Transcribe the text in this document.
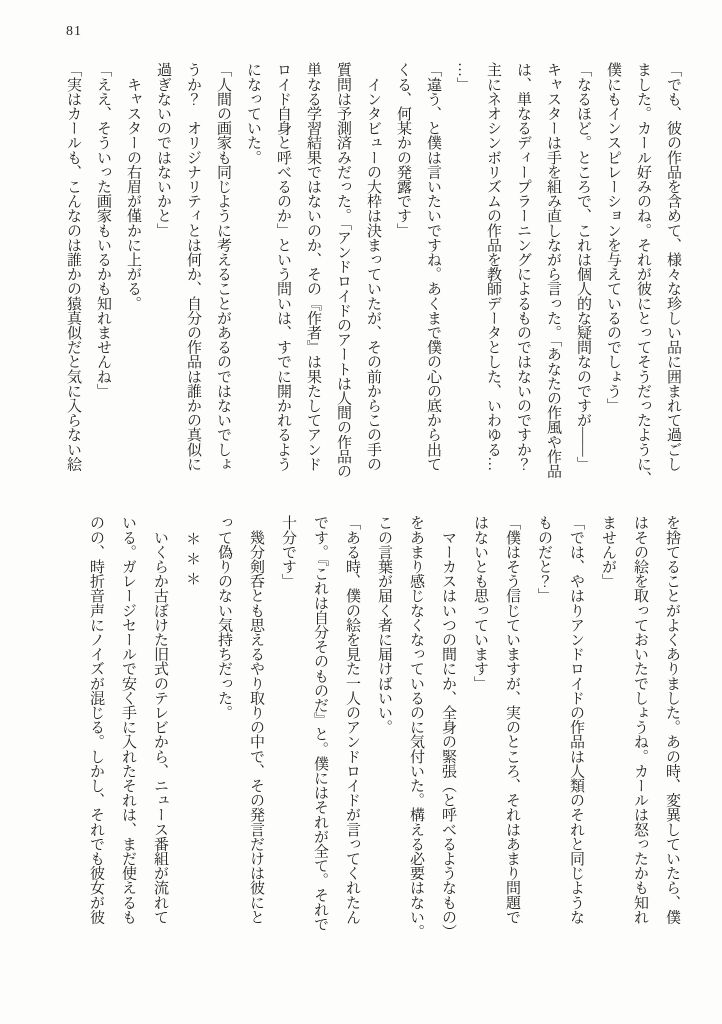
81
「でも、彼の作品を含めて、様々な珍しい品に囲まれて過ごし
ました。カール好みのね。それが彼にとってそうだったように、
僕にもインスピレーションを与えているのでしょう」
「なるほど。ところで、これは個人的な疑問なのですが――」
キャスターは手を組み直しながら言った。「あなたの作風や作品
は、単なるディープラーニングによるものではないのですか？
主にネオシンボリズムの作品を教師データとした、いわゆる…
…」
「違う、と僕は言いたいですね。あくまで僕の心の底から出て
くる、何某かの発露です」
　インタビューの大枠は決まっていたが、その前からこの手の
質問は予測済みだった。「アンドロイドのアートは人間の作品の
単なる学習結果ではないのか、その『作者』は果たしてアンド
ロイド自身と呼べるのか」という問いは、すでに開かれるよう
になっていた。
「人間の画家も同じように考えることがあるのではないでしょ
うか？　オリジナリティとは何か、自分の作品は誰かの真似に
過ぎないのではないかと」
　キャスターの右眉が僅かに上がる。
「ええ、そういった画家もいるかも知れませんね」
「実はカールも、こんなのは誰かの猿真似だと気に入らない絵
を捨てることがよくありました。あの時、変異していたら、僕
はその絵を取っておいたでしょうね。カールは怒ったかも知れ
ませんが」
「では、やはりアンドロイドの作品は人類のそれと同じような
ものだと？」
「僕はそう信じていますが、実のところ、それはあまり問題で
はないとも思っています」
　マーカスはいつの間にか、全身の緊張（と呼べるようなもの）
をあまり感じなくなっているのに気付いた。構える必要はない。
この言葉が届く者に届けばいい。
「ある時、僕の絵を見た一人のアンドロイドが言ってくれたん
です。『これは自分そのものだ』と。僕にはそれが全て。それで
十分です」
　幾分剣呑とも思えるやり取りの中で、その発言だけは彼にと
って偽りのない気持ちだった。
＊＊＊
　いくらか古ぼけた旧式のテレビから、ニュース番組が流れて
いる。ガレージセールで安く手に入れたそれは、まだ使えるも
のの、時折音声にノイズが混じる。しかし、それでも彼女が彼
